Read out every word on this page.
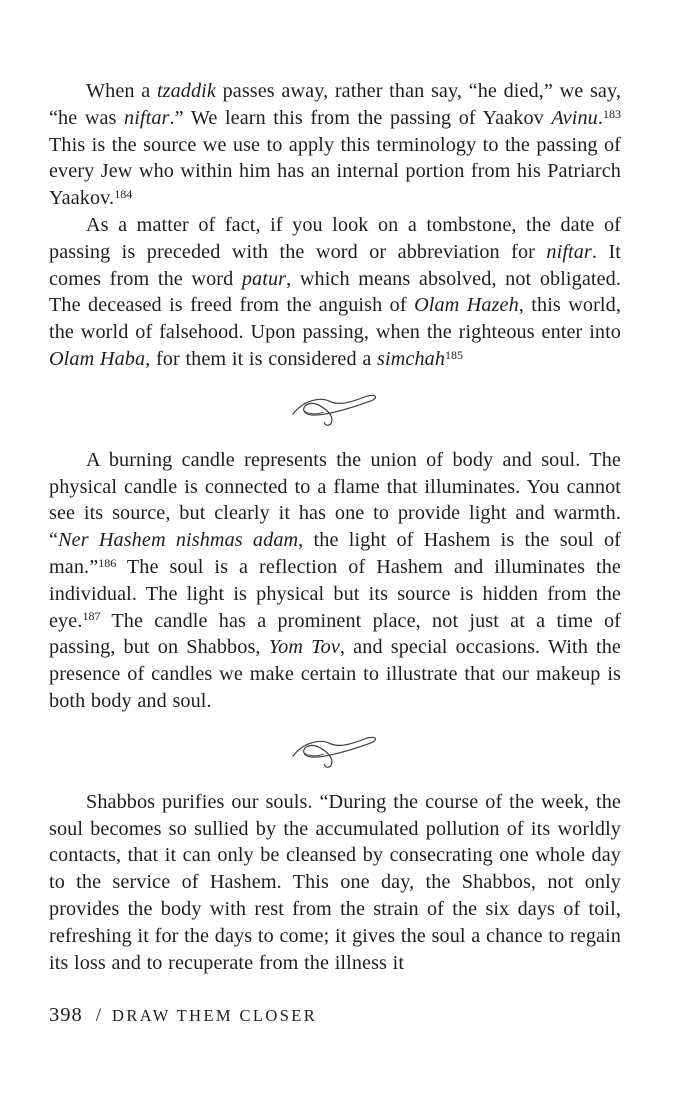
When a tzaddik passes away, rather than say, “he died,” we say, “he was niftar.” We learn this from the passing of Yaakov Avinu.$^{183}$ This is the source we use to apply this terminology to the passing of every Jew who within him has an internal portion from his Patriarch Yaakov.$^{184}$

As a matter of fact, if you look on a tombstone, the date of passing is preceded with the word or abbreviation for niftar. It comes from the word patur, which means absolved, not obligated. The deceased is freed from the anguish of Olam Hazeh, this world, the world of falsehood. Upon passing, when the righteous enter into Olam Haba, for them it is considered a simchah$^{185}$

A burning candle represents the union of body and soul. The physical candle is connected to a flame that illuminates. You cannot see its source, but clearly it has one to provide light and warmth. “Ner Hashem nishmas adam, the light of Hashem is the soul of man.”$^{186}$ The soul is a reflection of Hashem and illuminates the individual. The light is physical but its source is hidden from the eye.$^{187}$ The candle has a prominent place, not just at a time of passing, but on Shabbos, Yom Tov, and special occasions. With the presence of candles we make certain to illustrate that our makeup is both body and soul.

Shabbos purifies our souls. “During the course of the week, the soul becomes so sullied by the accumulated pollution of its worldly contacts, that it can only be cleansed by consecrating one whole day to the service of Hashem. This one day, the Shabbos, not only provides the body with rest from the strain of the six days of toil, refreshing it for the days to come; it gives the soul a chance to regain its loss and to recuperate from the illness it

398 / DRAW THEM CLOSER
